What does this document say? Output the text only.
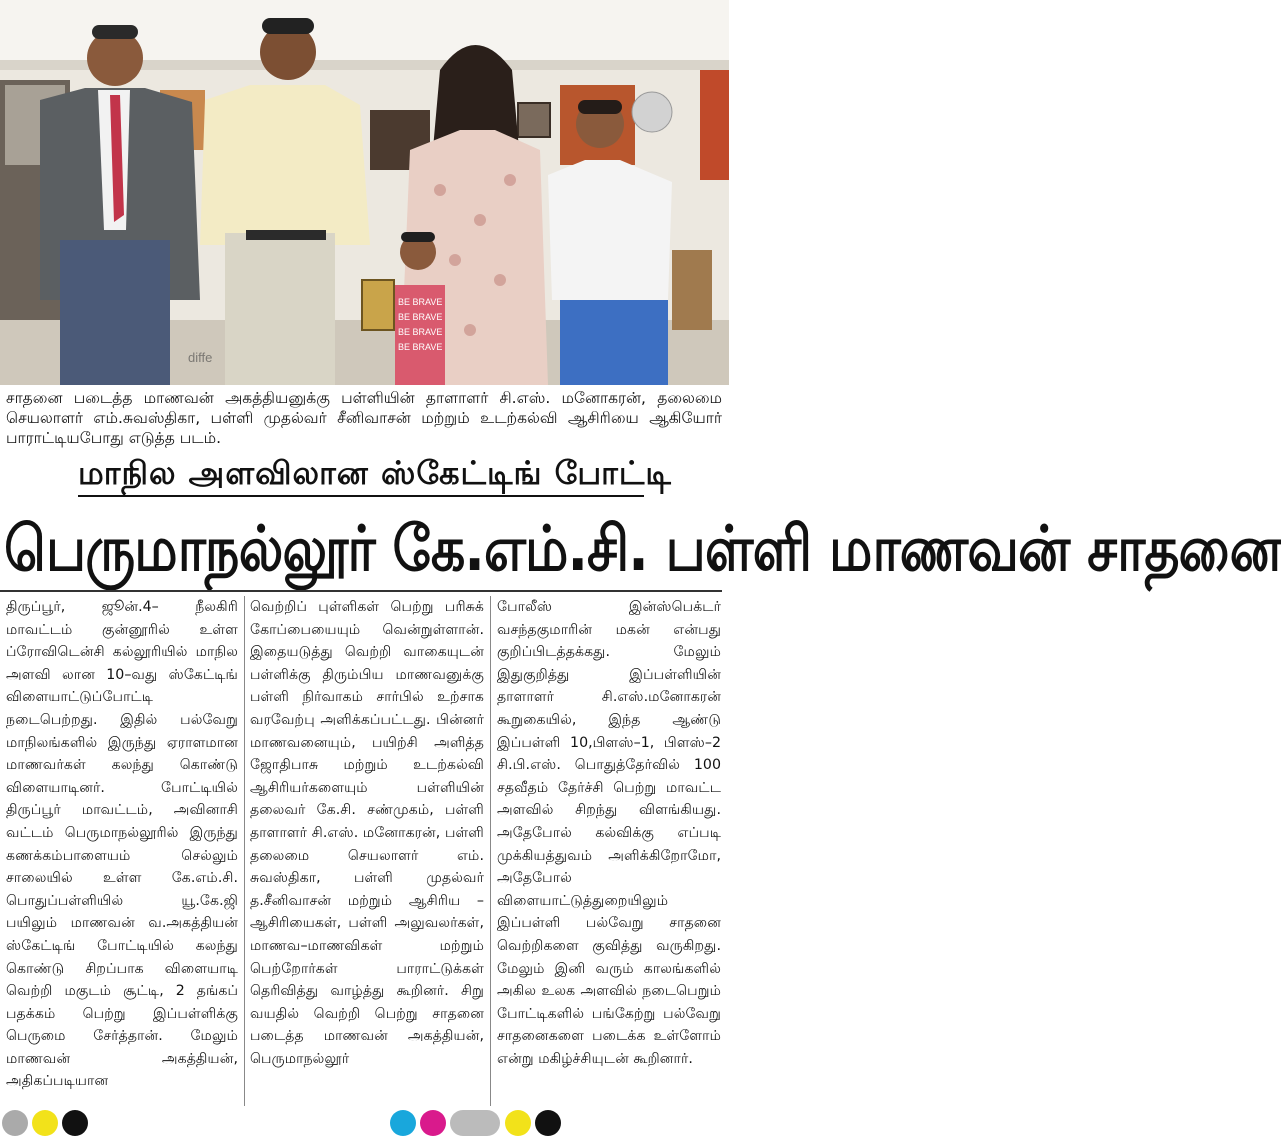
BE BRAVE
BE BRAVE
BE BRAVE
BE BRAVE
diffe

சாதனை படைத்த மாணவன் அகத்தியனுக்கு பள்ளியின் தாளாளர் சி.எஸ். மனோகரன், தலைமை செயலாளர் எம்.சுவஸ்திகா, பள்ளி முதல்வர் சீனிவாசன் மற்றும் உடற்கல்வி ஆசிரியை ஆகியோர் பாராட்டியபோது எடுத்த படம்.

மாநில அளவிலான ஸ்கேட்டிங் போட்டி
பெருமாநல்லூர் கே.எம்.சி. பள்ளி மாணவன் சாதனை

திருப்பூர், ஜூன்.4– நீலகிரி மாவட்டம் குன்னூரில் உள்ள ப்ரோவிடென்சி கல்லூரியில் மாநில அளவி லான 10–வது ஸ்கேட்டிங் விளையாட்டுப்போட்டி நடைபெற்றது. இதில் பல்வேறு மாநிலங்களில் இருந்து ஏராளமான மாணவர்கள் கலந்து கொண்டு விளையாடினர். போட்டியில் திருப்பூர் மாவட்டம், அவினாசி வட்டம் பெருமாநல்லூரில் இருந்து கணக்கம்பாளையம் செல்லும் சாலையில் உள்ள கே.எம்.சி. பொதுப்பள்ளியில் யூ.கே.ஜி பயிலும் மாணவன் வ.அகத்தியன் ஸ்கேட்டிங் போட்டியில் கலந்து கொண்டு சிறப்பாக விளையாடி வெற்றி மகுடம் சூட்டி, 2 தங்கப் பதக்கம் பெற்று இப்பள்ளிக்கு பெருமை சேர்த்தான். மேலும் மாணவன் அகத்தியன், அதிகப்படியான

வெற்றிப் புள்ளிகள் பெற்று பரிசுக் கோப்பையையும் வென்றுள்ளான். இதையடுத்து வெற்றி வாகையுடன் பள்ளிக்கு திரும்பிய மாணவனுக்கு பள்ளி நிர்வாகம் சார்பில் உற்சாக வரவேற்பு அளிக்கப்பட்டது. பின்னர் மாணவனையும், பயிற்சி அளித்த ஜோதிபாசு மற்றும் உடற்கல்வி ஆசிரியர்களையும் பள்ளியின் தலைவர் கே.சி. சண்முகம், பள்ளி தாளாளர் சி.எஸ். மனோகரன், பள்ளி தலைமை செயலாளர் எம். சுவஸ்திகா, பள்ளி முதல்வர் த.சீனிவாசன் மற்றும் ஆசிரிய – ஆசிரியைகள், பள்ளி அலுவலர்கள், மாணவ–மாணவிகள் மற்றும் பெற்றோர்கள் பாராட்டுக்கள் தெரிவித்து வாழ்த்து கூறினர். சிறு வயதில் வெற்றி பெற்று சாதனை படைத்த மாணவன் அகத்தியன், பெருமாநல்லூர்

போலீஸ் இன்ஸ்பெக்டர் வசந்தகுமாரின் மகன் என்பது குறிப்பிடத்தக்கது. மேலும் இதுகுறித்து இப்பள்ளியின் தாளாளர் சி.எஸ்.மனோகரன் கூறுகையில், இந்த ஆண்டு இப்பள்ளி 10,பிளஸ்–1, பிளஸ்–2 சி.பி.எஸ். பொதுத்தேர்வில் 100 சதவீதம் தேர்ச்சி பெற்று மாவட்ட அளவில் சிறந்து விளங்கியது. அதேபோல் கல்விக்கு எப்படி முக்கியத்துவம் அளிக்கிறோமோ, அதேபோல் விளையாட்டுத்துறையிலும் இப்பள்ளி பல்வேறு சாதனை வெற்றிகளை குவித்து வருகிறது. மேலும் இனி வரும் காலங்களில் அகில உலக அளவில் நடைபெறும் போட்டிகளில் பங்கேற்று பல்வேறு சாதனைகளை படைக்க உள்ளோம் என்று மகிழ்ச்சியுடன் கூறினார்.
